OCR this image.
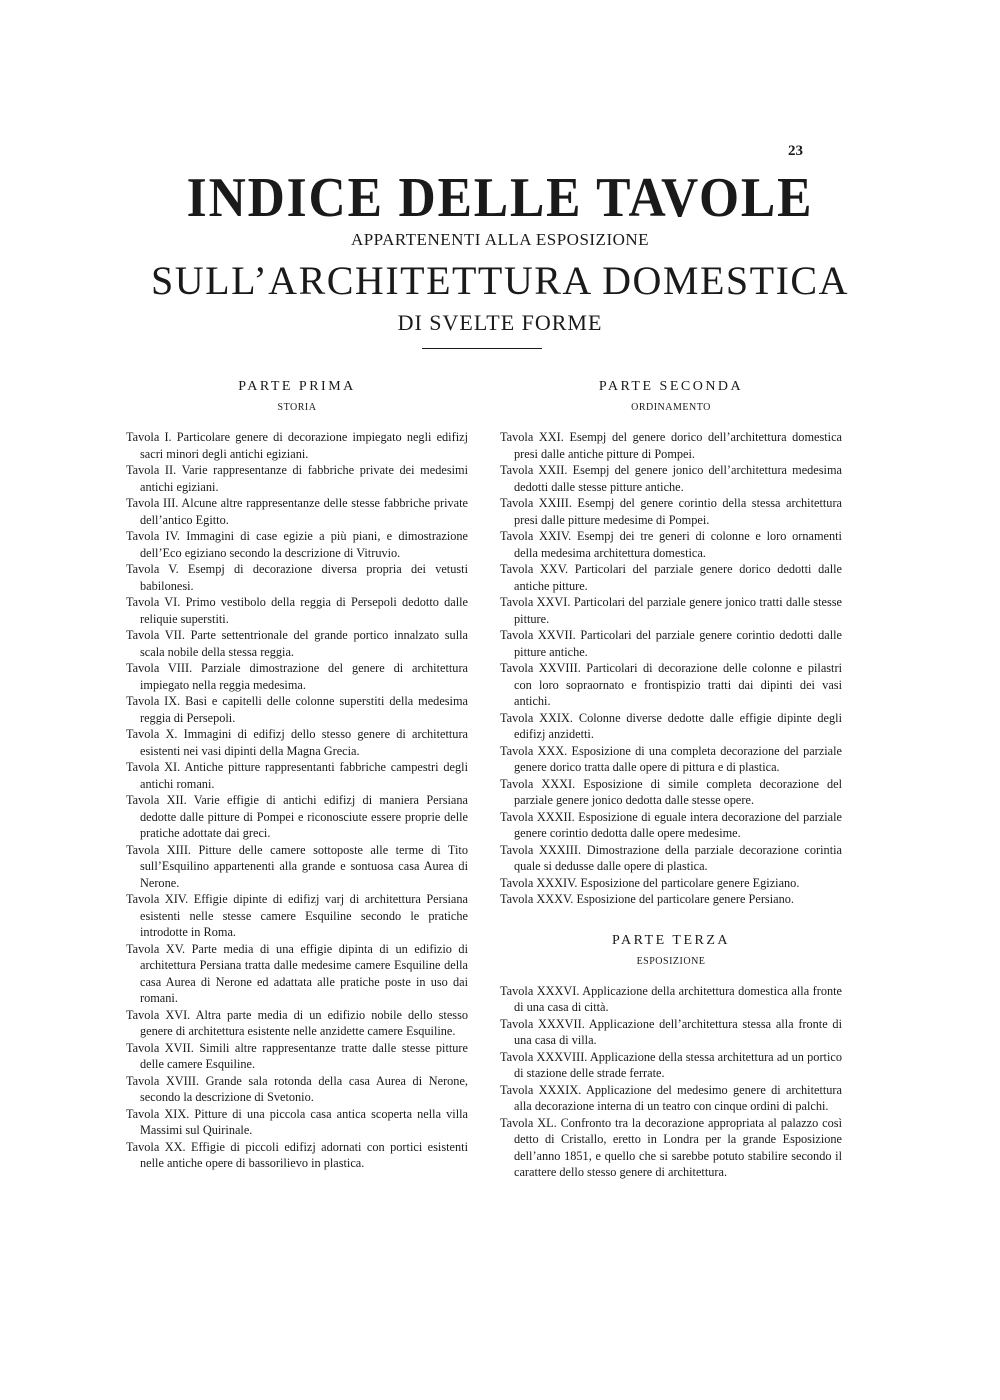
23
INDICE DELLE TAVOLE
APPARTENENTI ALLA ESPOSIZIONE
SULL’ARCHITETTURA DOMESTICA
DI SVELTE FORME
PARTE PRIMA
STORIA
Tavola I. Particolare genere di decorazione impiegato negli edifizj sacri minori degli antichi egiziani.
Tavola II. Varie rappresentanze di fabbriche private dei medesimi antichi egiziani.
Tavola III. Alcune altre rappresentanze delle stesse fabbriche private dell’antico Egitto.
Tavola IV. Immagini di case egizie a più piani, e dimostrazione dell’Eco egiziano secondo la descrizione di Vitruvio.
Tavola V. Esempj di decorazione diversa propria dei vetusti babilonesi.
Tavola VI. Primo vestibolo della reggia di Persepoli dedotto dalle reliquie superstiti.
Tavola VII. Parte settentrionale del grande portico innalzato sulla scala nobile della stessa reggia.
Tavola VIII. Parziale dimostrazione del genere di architettura impiegato nella reggia medesima.
Tavola IX. Basi e capitelli delle colonne superstiti della medesima reggia di Persepoli.
Tavola X. Immagini di edifizj dello stesso genere di architettura esistenti nei vasi dipinti della Magna Grecia.
Tavola XI. Antiche pitture rappresentanti fabbriche campestri degli antichi romani.
Tavola XII. Varie effigie di antichi edifizj di maniera Persiana dedotte dalle pitture di Pompei e riconosciute essere proprie delle pratiche adottate dai greci.
Tavola XIII. Pitture delle camere sottoposte alle terme di Tito sull’Esquilino appartenenti alla grande e sontuosa casa Aurea di Nerone.
Tavola XIV. Effigie dipinte di edifizj varj di architettura Persiana esistenti nelle stesse camere Esquiline secondo le pratiche introdotte in Roma.
Tavola XV. Parte media di una effigie dipinta di un edifizio di architettura Persiana tratta dalle medesime camere Esquiline della casa Aurea di Nerone ed adattata alle pratiche poste in uso dai romani.
Tavola XVI. Altra parte media di un edifizio nobile dello stesso genere di architettura esistente nelle anzidette camere Esquiline.
Tavola XVII. Simili altre rappresentanze tratte dalle stesse pitture delle camere Esquiline.
Tavola XVIII. Grande sala rotonda della casa Aurea di Nerone, secondo la descrizione di Svetonio.
Tavola XIX. Pitture di una piccola casa antica scoperta nella villa Massimi sul Quirinale.
Tavola XX. Effigie di piccoli edifizj adornati con portici esistenti nelle antiche opere di bassorilievo in plastica.
PARTE SECONDA
ORDINAMENTO
Tavola XXI. Esempj del genere dorico dell’architettura domestica presi dalle antiche pitture di Pompei.
Tavola XXII. Esempj del genere jonico dell’architettura medesima dedotti dalle stesse pitture antiche.
Tavola XXIII. Esempj del genere corintio della stessa architettura presi dalle pitture medesime di Pompei.
Tavola XXIV. Esempj dei tre generi di colonne e loro ornamenti della medesima architettura domestica.
Tavola XXV. Particolari del parziale genere dorico dedotti dalle antiche pitture.
Tavola XXVI. Particolari del parziale genere jonico tratti dalle stesse pitture.
Tavola XXVII. Particolari del parziale genere corintio dedotti dalle pitture antiche.
Tavola XXVIII. Particolari di decorazione delle colonne e pilastri con loro sopraornato e frontispizio tratti dai dipinti dei vasi antichi.
Tavola XXIX. Colonne diverse dedotte dalle effigie dipinte degli edifizj anzidetti.
Tavola XXX. Esposizione di una completa decorazione del parziale genere dorico tratta dalle opere di pittura e di plastica.
Tavola XXXI. Esposizione di simile completa decorazione del parziale genere jonico dedotta dalle stesse opere.
Tavola XXXII. Esposizione di eguale intera decorazione del parziale genere corintio dedotta dalle opere medesime.
Tavola XXXIII. Dimostrazione della parziale decorazione corintia quale si dedusse dalle opere di plastica.
Tavola XXXIV. Esposizione del particolare genere Egiziano.
Tavola XXXV. Esposizione del particolare genere Persiano.
PARTE TERZA
ESPOSIZIONE
Tavola XXXVI. Applicazione della architettura domestica alla fronte di una casa di città.
Tavola XXXVII. Applicazione dell’architettura stessa alla fronte di una casa di villa.
Tavola XXXVIII. Applicazione della stessa architettura ad un portico di stazione delle strade ferrate.
Tavola XXXIX. Applicazione del medesimo genere di architettura alla decorazione interna di un teatro con cinque ordini di palchi.
Tavola XL. Confronto tra la decorazione appropriata al palazzo così detto di Cristallo, eretto in Londra per la grande Esposizione dell’anno 1851, e quello che si sarebbe potuto stabilire secondo il carattere dello stesso genere di architettura.
